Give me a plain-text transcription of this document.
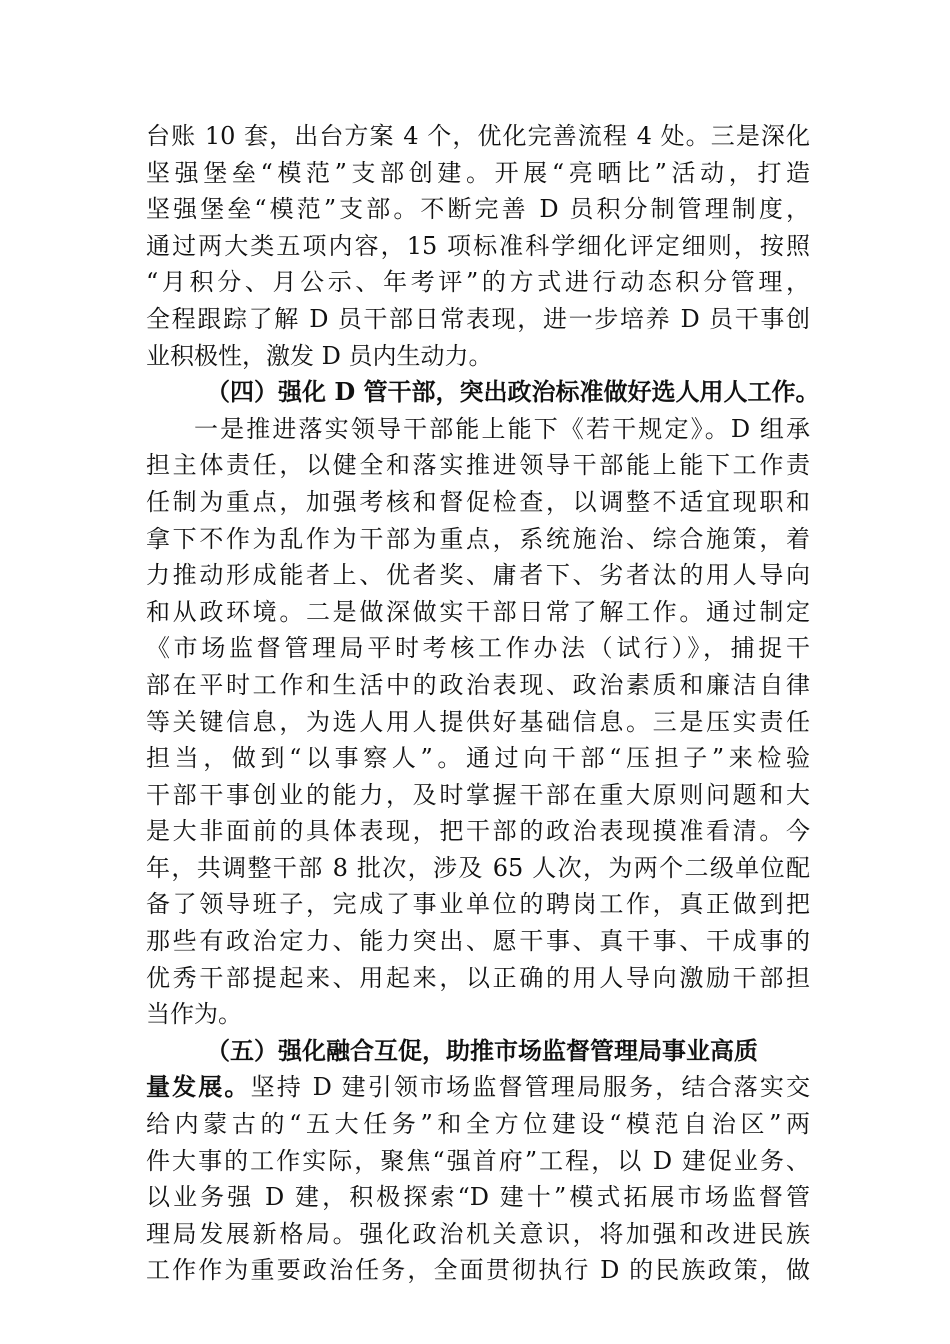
台账 10 套，出台方案 4 个，优化完善流程 4 处。三是深化
坚强堡垒“模范”支部创建。开展“亮晒比”活动，打造
坚强堡垒“模范”支部。不断完善 D 员积分制管理制度，
通过两大类五项内容，15 项标准科学细化评定细则，按照
“月积分、月公示、年考评”的方式进行动态积分管理，
全程跟踪了解 D 员干部日常表现，进一步培养 D 员干事创
业积极性，激发 D 员内生动力。
（四）强化 D 管干部，突出政治标准做好选人用人工作。
一是推进落实领导干部能上能下《若干规定》。D 组承
担主体责任，以健全和落实推进领导干部能上能下工作责
任制为重点，加强考核和督促检查，以调整不适宜现职和
拿下不作为乱作为干部为重点，系统施治、综合施策，着
力推动形成能者上、优者奖、庸者下、劣者汰的用人导向
和从政环境。二是做深做实干部日常了解工作。通过制定
《市场监督管理局平时考核工作办法（试行）》，捕捉干
部在平时工作和生活中的政治表现、政治素质和廉洁自律
等关键信息，为选人用人提供好基础信息。三是压实责任
担当，做到“以事察人”。通过向干部“压担子”来检验
干部干事创业的能力，及时掌握干部在重大原则问题和大
是大非面前的具体表现，把干部的政治表现摸准看清。今
年，共调整干部 8 批次，涉及 65 人次，为两个二级单位配
备了领导班子，完成了事业单位的聘岗工作，真正做到把
那些有政治定力、能力突出、愿干事、真干事、干成事的
优秀干部提起来、用起来，以正确的用人导向激励干部担
当作为。
（五）强化融合互促，助推市场监督管理局事业高质
量发展。坚持 D 建引领市场监督管理局服务，结合落实交
给内蒙古的“五大任务”和全方位建设“模范自治区”两
件大事的工作实际，聚焦“强首府”工程，以 D 建促业务、
以业务强 D 建，积极探索“D 建十”模式拓展市场监督管
理局发展新格局。强化政治机关意识，将加强和改进民族
工作作为重要政治任务，全面贯彻执行 D 的民族政策，做
